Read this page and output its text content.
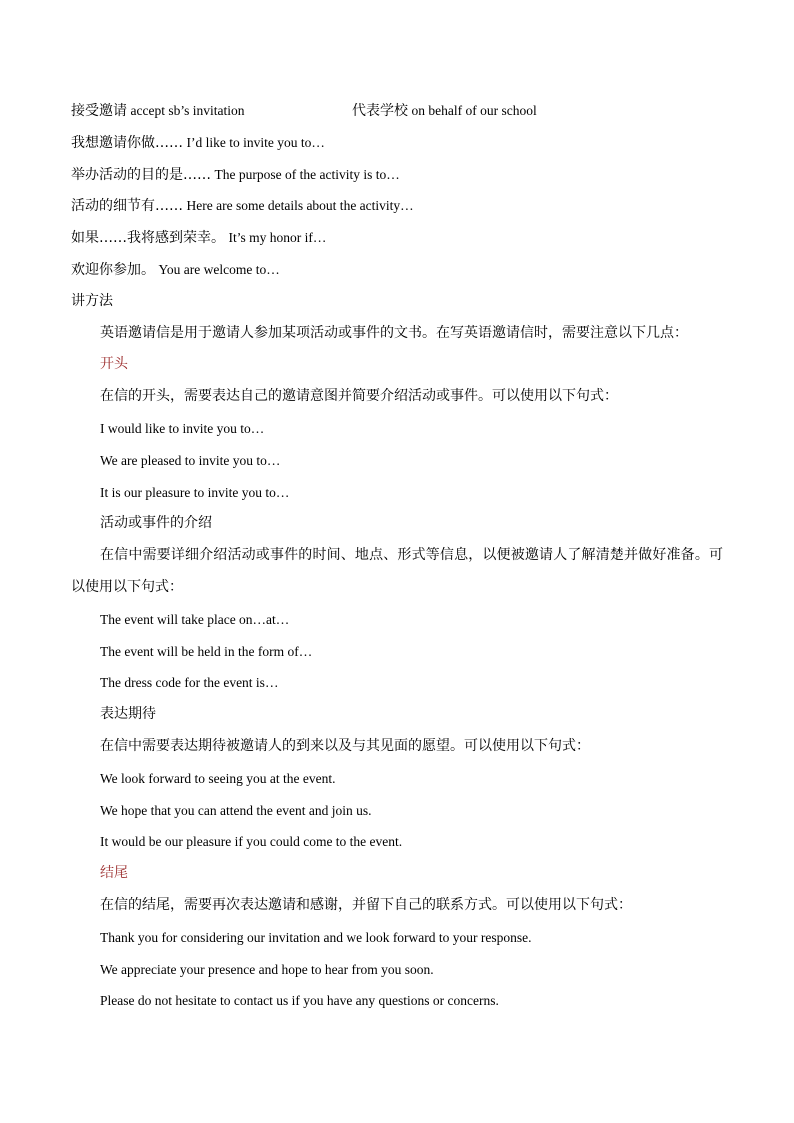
接受邀请 accept sb’s invitation	代表学校 on behalf of our school
我想邀请你做…… I’d like to invite you to…
举办活动的目的是…… The purpose of the activity is to…
活动的细节有…… Here are some details about the activity…
如果……我将感到荣幸。 It’s my honor if…
欢迎你参加。 You are welcome to…
讲方法
英语邀请信是用于邀请人参加某项活动或事件的文书。在写英语邀请信时，需要注意以下几点：
开头
在信的开头，需要表达自己的邀请意图并简要介绍活动或事件。可以使用以下句式：
I would like to invite you to…
We are pleased to invite you to…
It is our pleasure to invite you to…
活动或事件的介绍
在信中需要详细介绍活动或事件的时间、地点、形式等信息，以便被邀请人了解清楚并做好准备。可
以使用以下句式：
The event will take place on…at…
The event will be held in the form of…
The dress code for the event is…
表达期待
在信中需要表达期待被邀请人的到来以及与其见面的愿望。可以使用以下句式：
We look forward to seeing you at the event.
We hope that you can attend the event and join us.
It would be our pleasure if you could come to the event.
结尾
在信的结尾，需要再次表达邀请和感谢，并留下自己的联系方式。可以使用以下句式：
Thank you for considering our invitation and we look forward to your response.
We appreciate your presence and hope to hear from you soon.
Please do not hesitate to contact us if you have any questions or concerns.
